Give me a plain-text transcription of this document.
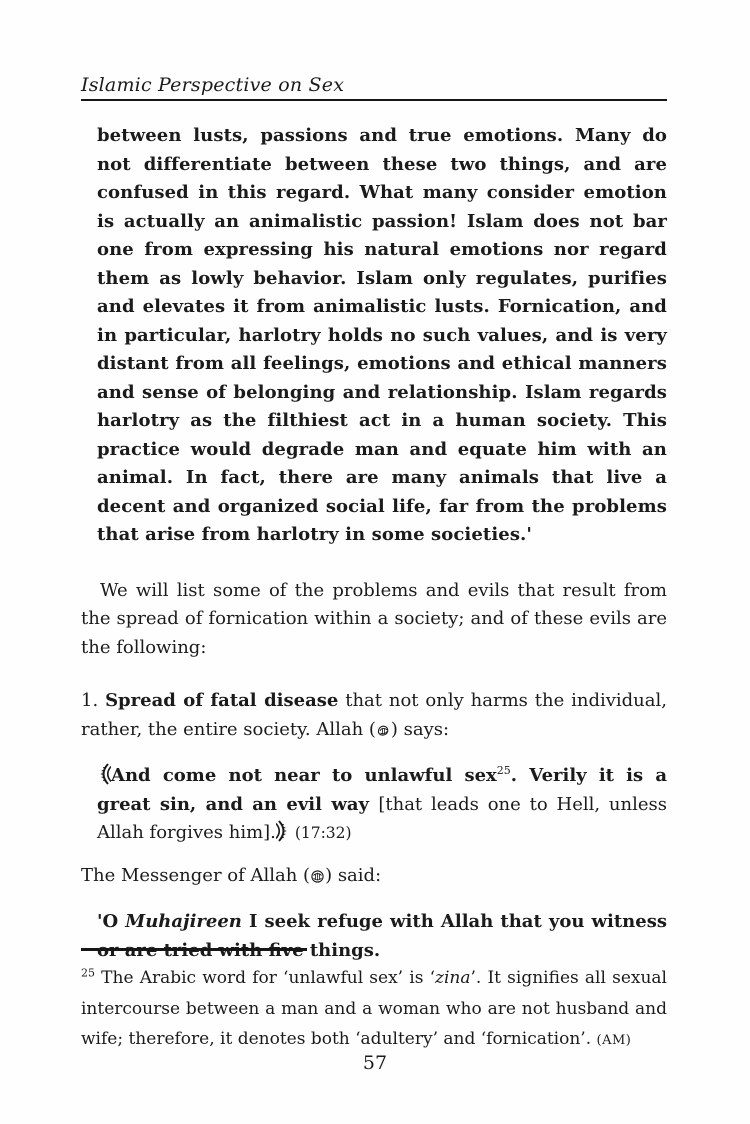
Islamic Perspective on Sex

between lusts, passions and true emotions. Many do not differentiate between these two things, and are confused in this regard. What many consider emotion is actually an animalistic passion! Islam does not bar one from expressing his natural emotions nor regard them as lowly behavior. Islam only regulates, purifies and elevates it from animalistic lusts. Fornication, and in particular, harlotry holds no such values, and is very distant from all feelings, emotions and ethical manners and sense of belonging and relationship. Islam regards harlotry as the filthiest act in a human society. This practice would degrade man and equate him with an animal. In fact, there are many animals that live a decent and organized social life, far from the problems that arise from harlotry in some societies.'

We will list some of the problems and evils that result from the spread of fornication within a society; and of these evils are the following:

1. Spread of fatal disease that not only harms the individual, rather, the entire society. Allah ( ) says:

And come not near to unlawful sex$^{25}$. Verily it is a great sin, and an evil way [that leads one to Hell, unless Allah forgives him].
(17:32)

The Messenger of Allah ( ) said:

'O Muhajireen I seek refuge with Allah that you witness or are tried with five things.

$^{25}$ The Arabic word for ‘unlawful sex’ is ‘zina’. It signifies all sexual intercourse between a man and a woman who are not husband and wife; therefore, it denotes both ‘adultery’ and ‘fornication’. (AM)

57
